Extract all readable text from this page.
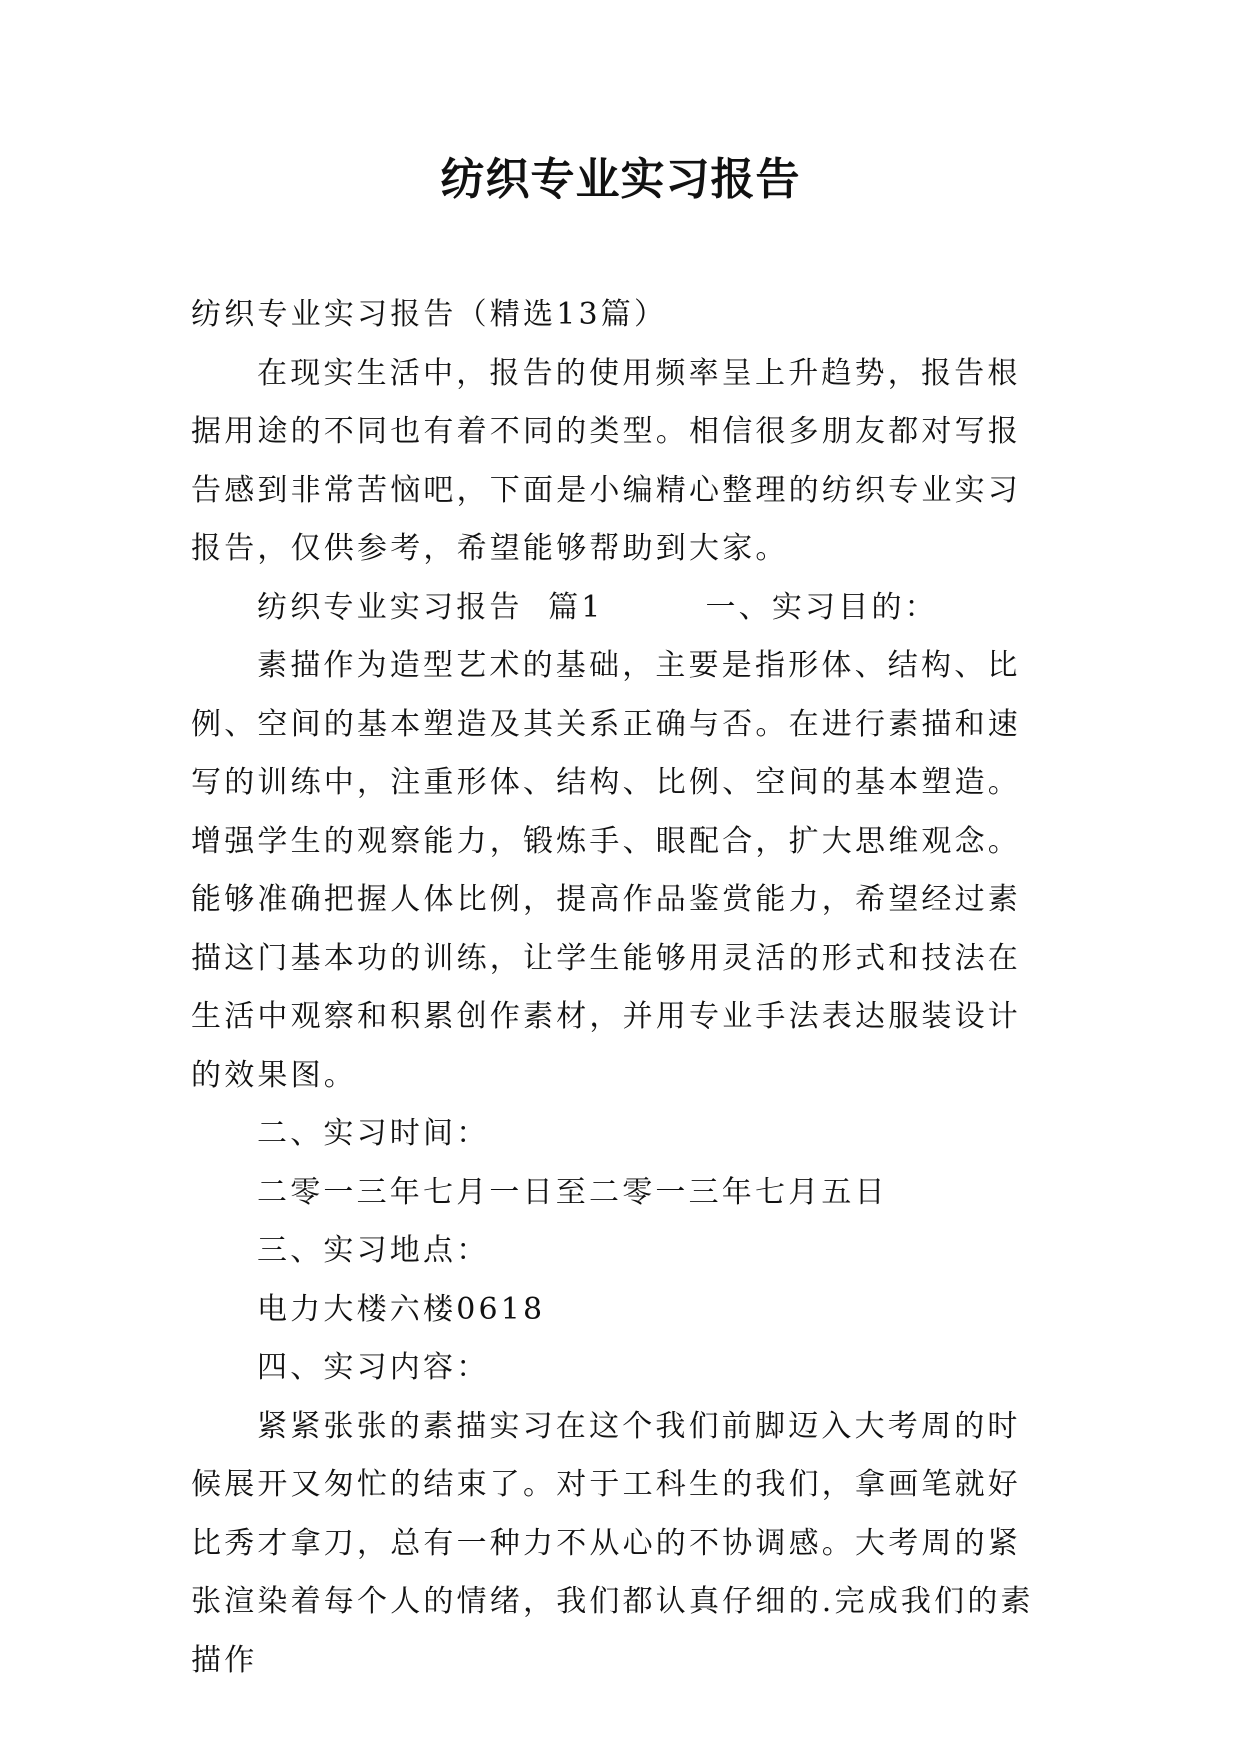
纺织专业实习报告

纺织专业实习报告（精选13篇）

在现实生活中，报告的使用频率呈上升趋势，报告根据用途的不同也有着不同的类型。相信很多朋友都对写报告感到非常苦恼吧，下面是小编精心整理的纺织专业实习报告，仅供参考，希望能够帮助到大家。

纺织专业实习报告  篇1        一、实习目的：

素描作为造型艺术的基础，主要是指形体、结构、比例、空间的基本塑造及其关系正确与否。在进行素描和速写的训练中，注重形体、结构、比例、空间的基本塑造。增强学生的观察能力，锻炼手、眼配合，扩大思维观念。能够准确把握人体比例，提高作品鉴赏能力，希望经过素描这门基本功的训练，让学生能够用灵活的形式和技法在生活中观察和积累创作素材，并用专业手法表达服装设计的效果图。

二、实习时间：

二零一三年七月一日至二零一三年七月五日

三、实习地点：

电力大楼六楼0618

四、实习内容：

紧紧张张的素描实习在这个我们前脚迈入大考周的时候展开又匆忙的结束了。对于工科生的我们，拿画笔就好比秀才拿刀，总有一种力不从心的不协调感。大考周的紧张渲染着每个人的情绪，我们都认真仔细的.完成我们的素描作
